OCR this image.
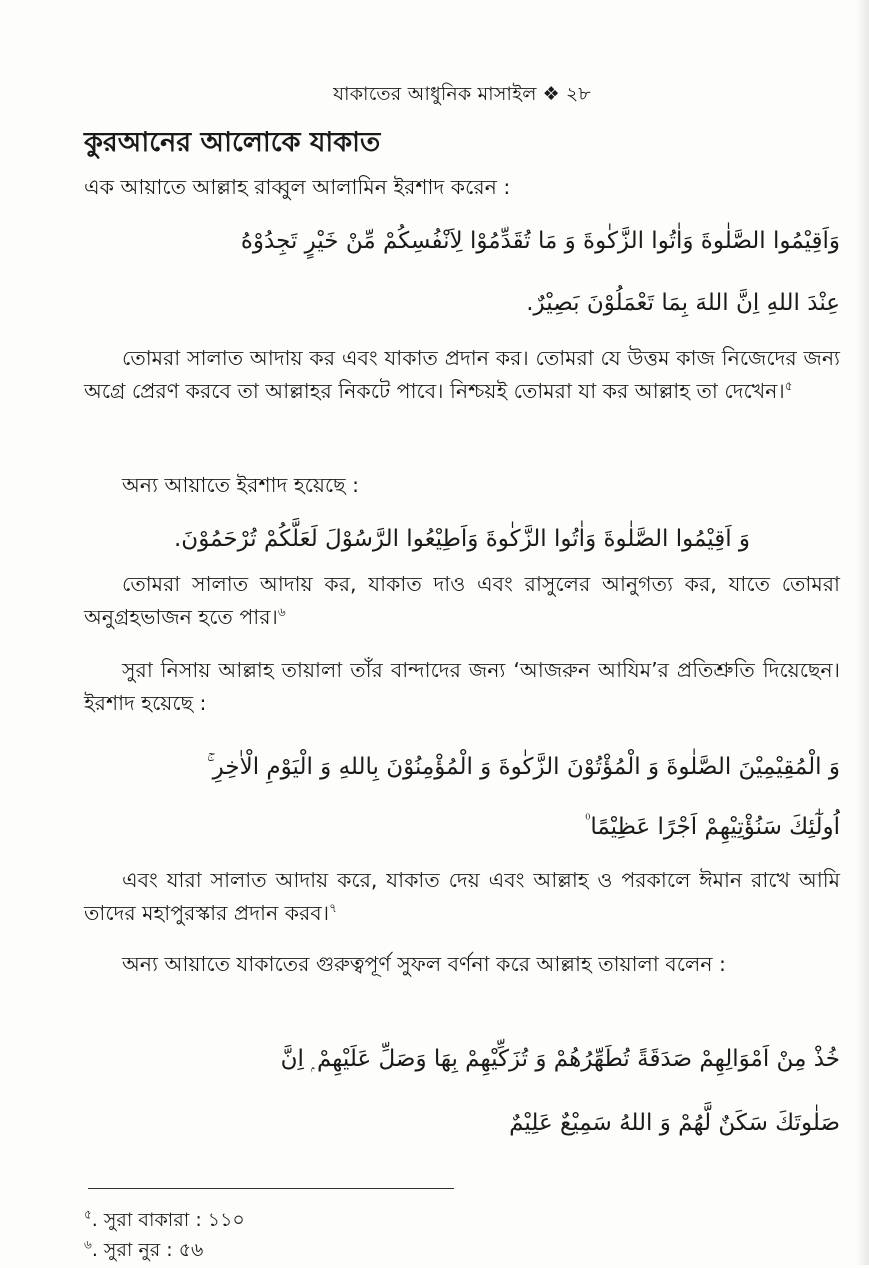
যাকাতের আধুনিক মাসাইল ❖ ২৮
কুরআনের আলোকে যাকাত
এক আয়াতে আল্লাহ রাব্বুল আলামিন ইরশাদ করেন :
وَاَقِيْمُوا الصَّلٰوةَ وَاٰتُوا الزَّكٰوةَ وَ مَا تُقَدِّمُوْا لِاَنْفُسِكُمْ مِّنْ خَيْرٍ تَجِدُوْهُ
عِنْدَ اللهِ اِنَّ اللهَ بِمَا تَعْمَلُوْنَ بَصِيْرٌ.
তোমরা সালাত আদায় কর এবং যাকাত প্রদান কর। তোমরা যে উত্তম কাজ নিজেদের জন্য অগ্রে প্রেরণ করবে তা আল্লাহর নিকটে পাবে। নিশ্চয়ই তোমরা যা কর আল্লাহ তা দেখেন।$^৫$
অন্য আয়াতে ইরশাদ হয়েছে :
وَ اَقِيْمُوا الصَّلٰوةَ وَاٰتُوا الزَّكٰوةَ وَاَطِيْعُوا الرَّسُوْلَ لَعَلَّكُمْ تُرْحَمُوْنَ.
তোমরা সালাত আদায় কর, যাকাত দাও এবং রাসুলের আনুগত্য কর, যাতে তোমরা অনুগ্রহভাজন হতে পার।$^৬$
সুরা নিসায় আল্লাহ তায়ালা তাঁর বান্দাদের জন্য ‘আজরুন আযিম’র প্রতিশ্রুতি দিয়েছেন। ইরশাদ হয়েছে :
وَ الْمُقِيْمِيْنَ الصَّلٰوةَ وَ الْمُؤْتُوْنَ الزَّكٰوةَ وَ الْمُؤْمِنُوْنَ بِاللهِ وَ الْيَوْمِ الْاٰخِرِ ۚ
اُولٰٓئِكَ سَنُؤْتِيْهِمْ اَجْرًا عَظِيْمًا ۠
এবং যারা সালাত আদায় করে, যাকাত দেয় এবং আল্লাহ ও পরকালে ঈমান রাখে আমি তাদের মহাপুরস্কার প্রদান করব।$^৭$
অন্য আয়াতে যাকাতের গুরুত্বপূর্ণ সুফল বর্ণনা করে আল্লাহ তায়ালা বলেন :
خُذْ مِنْ اَمْوَالِهِمْ صَدَقَةً تُطَهِّرُهُمْ وَ تُزَكِّيْهِمْ بِهَا وَصَلِّ عَلَيْهِمْ ۭ اِنَّ
صَلٰوتَكَ سَكَنٌ لَّهُمْ وَ اللهُ سَمِيْعٌ عَلِيْمٌ
$^৫$. সুরা বাকারা : ১১০
$^৬$. সুরা নুর : ৫৬
